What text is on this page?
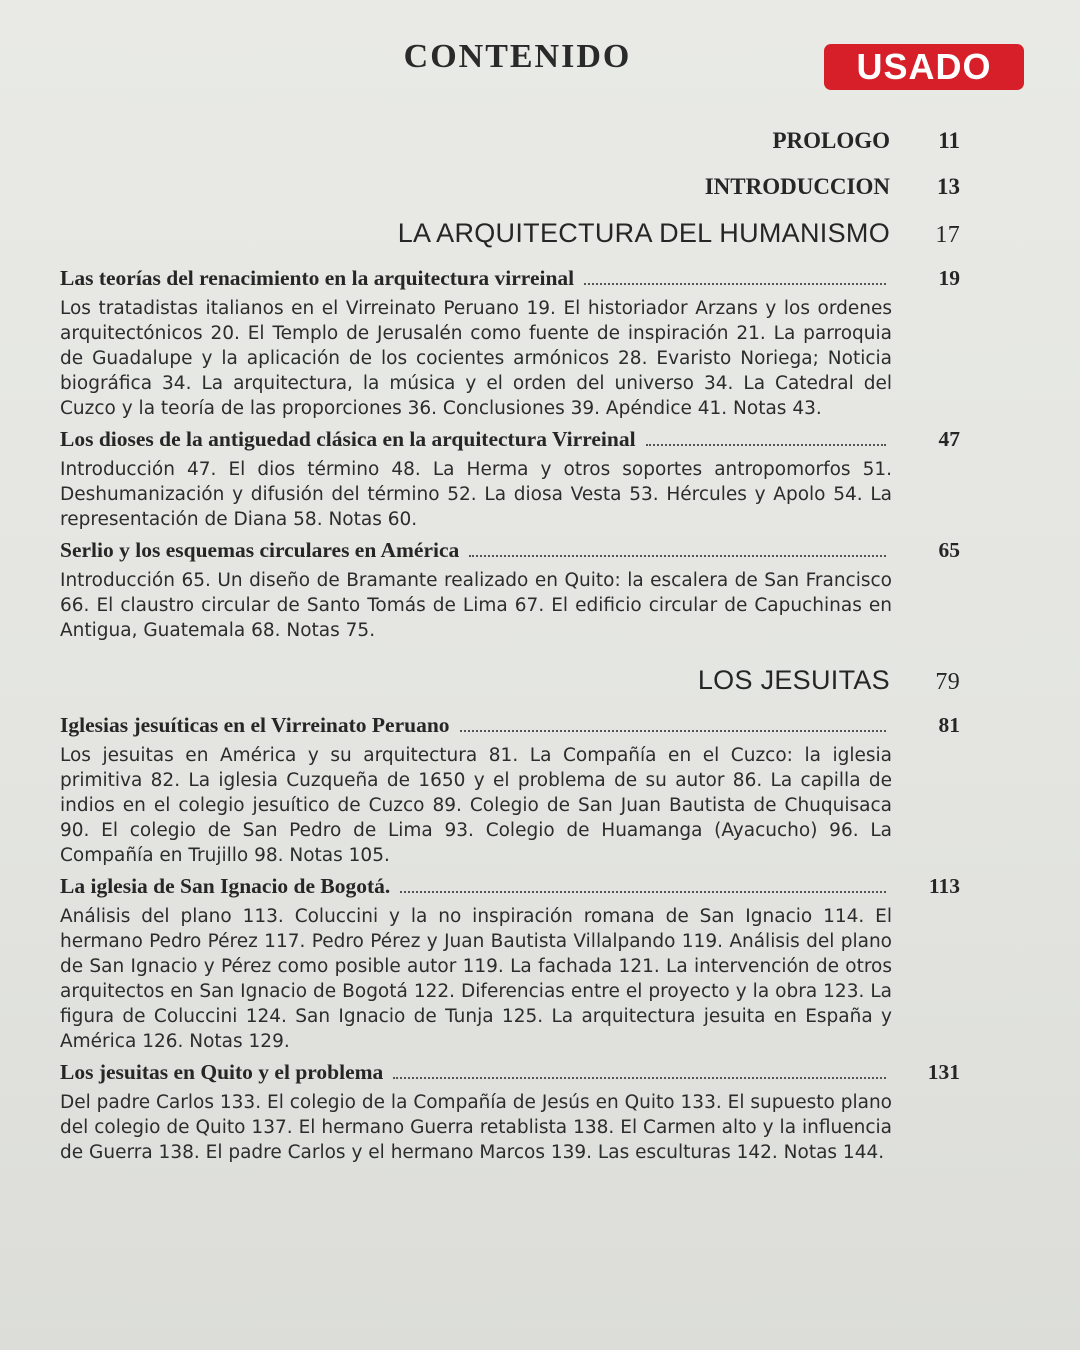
CONTENIDO	USADO
PROLOGO	11
INTRODUCCION	13
LA ARQUITECTURA DEL HUMANISMO	17
Las teorías del renacimiento en la arquitectura virreinal	19

Los tratadistas italianos en el Virreinato Peruano 19. El historiador Arzans y los ordenes arquitectónicos 20. El Templo de Jerusalén como fuente de inspiración 21. La parroquia de Guadalupe y la aplicación de los cocientes armónicos 28. Evaristo Noriega; Noticia biográfica 34. La arquitectura, la música y el orden del universo 34. La Catedral del Cuzco y la teoría de las proporciones 36. Conclusiones 39. Apéndice 41. Notas 43.

Los dioses de la antiguedad clásica en la arquitectura Virreinal	47

Introducción 47. El dios término 48. La Herma y otros soportes antropomorfos 51. Deshumanización y difusión del término 52. La diosa Vesta 53. Hércules y Apolo 54. La representación de Diana 58. Notas 60.

Serlio y los esquemas circulares en América	65

Introducción 65. Un diseño de Bramante realizado en Quito: la escalera de San Francisco 66. El claustro circular de Santo Tomás de Lima 67. El edificio circular de Capuchinas en Antigua, Guatemala 68. Notas 75.

LOS JESUITAS	79
Iglesias jesuíticas en el Virreinato Peruano	81

Los jesuitas en América y su arquitectura 81. La Compañía en el Cuzco: la iglesia primitiva 82. La iglesia Cuzqueña de 1650 y el problema de su autor 86. La capilla de indios en el colegio jesuítico de Cuzco 89. Colegio de San Juan Bautista de Chuquisaca 90. El colegio de San Pedro de Lima 93. Colegio de Huamanga (Ayacucho) 96. La Compañía en Trujillo 98. Notas 105.

La iglesia de San Ignacio de Bogotá.	113

Análisis del plano 113. Coluccini y la no inspiración romana de San Ignacio 114. El hermano Pedro Pérez 117. Pedro Pérez y Juan Bautista Villalpando 119. Análisis del plano de San Ignacio y Pérez como posible autor 119. La fachada 121. La intervención de otros arquitectos en San Ignacio de Bogotá 122. Diferencias entre el proyecto y la obra 123. La figura de Coluccini 124. San Ignacio de Tunja 125. La arquitectura jesuita en España y América 126. Notas 129.

Los jesuitas en Quito y el problema	131

Del padre Carlos 133. El colegio de la Compañía de Jesús en Quito 133. El supuesto plano del colegio de Quito 137. El hermano Guerra retablista 138. El Carmen alto y la influencia de Guerra 138. El padre Carlos y el hermano Marcos 139. Las esculturas 142. Notas 144.
